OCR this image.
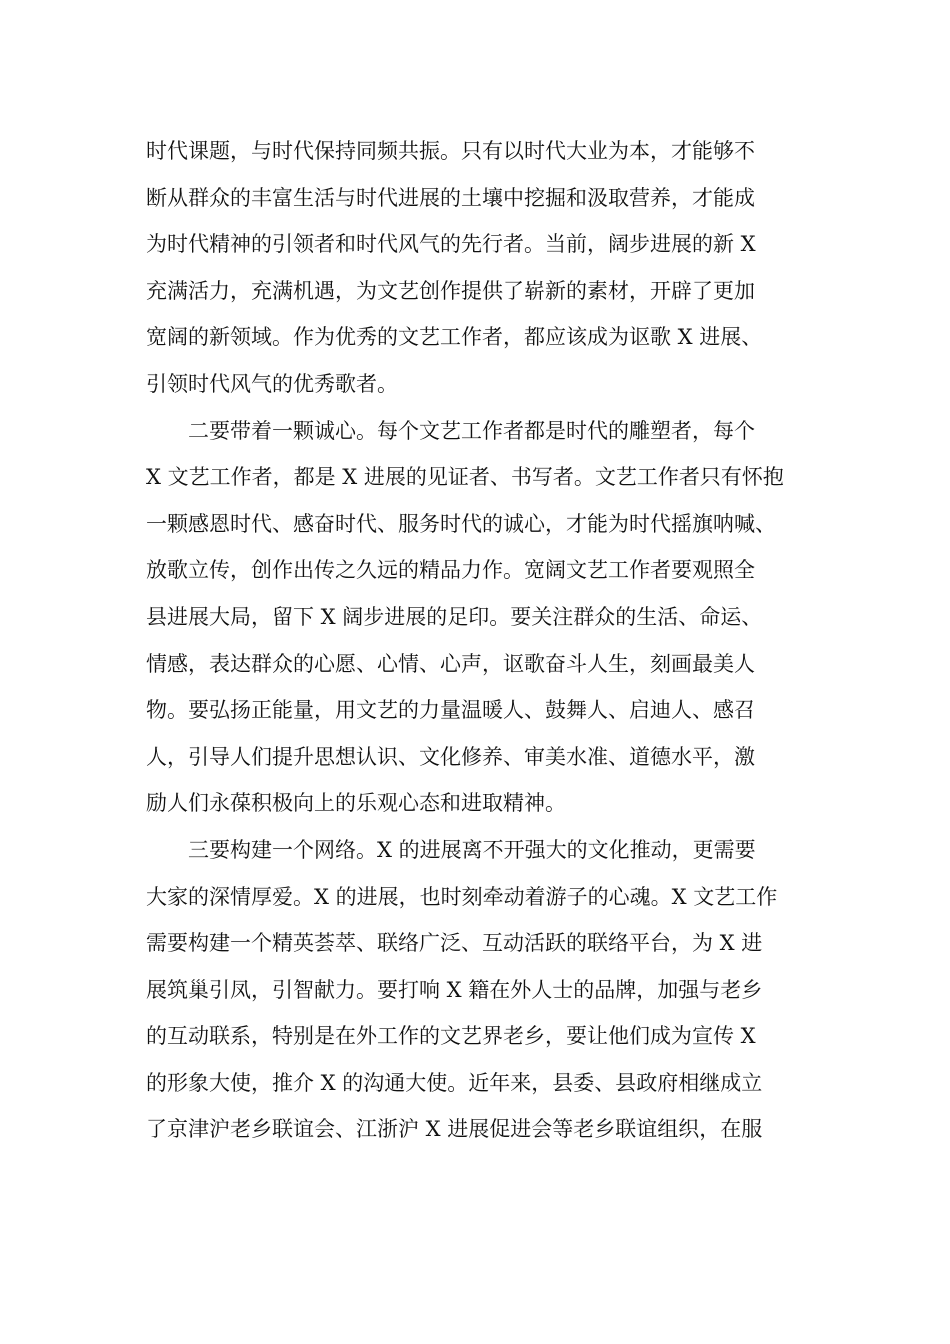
时代课题，与时代保持同频共振。只有以时代大业为本，才能够不
断从群众的丰富生活与时代进展的土壤中挖掘和汲取营养，才能成
为时代精神的引领者和时代风气的先行者。当前，阔步进展的新 X
充满活力，充满机遇，为文艺创作提供了崭新的素材，开辟了更加
宽阔的新领域。作为优秀的文艺工作者，都应该成为讴歌 X 进展、
引领时代风气的优秀歌者。
二要带着一颗诚心。每个文艺工作者都是时代的雕塑者，每个
X 文艺工作者，都是 X 进展的见证者、书写者。文艺工作者只有怀抱
一颗感恩时代、感奋时代、服务时代的诚心，才能为时代摇旗呐喊、
放歌立传，创作出传之久远的精品力作。宽阔文艺工作者要观照全
县进展大局，留下 X 阔步进展的足印。要关注群众的生活、命运、
情感，表达群众的心愿、心情、心声，讴歌奋斗人生，刻画最美人
物。要弘扬正能量，用文艺的力量温暖人、鼓舞人、启迪人、感召
人，引导人们提升思想认识、文化修养、审美水准、道德水平，激
励人们永葆积极向上的乐观心态和进取精神。
三要构建一个网络。X 的进展离不开强大的文化推动，更需要
大家的深情厚爱。X 的进展，也时刻牵动着游子的心魂。X 文艺工作
需要构建一个精英荟萃、联络广泛、互动活跃的联络平台，为 X 进
展筑巢引凤，引智献力。要打响 X 籍在外人士的品牌，加强与老乡
的互动联系，特别是在外工作的文艺界老乡，要让他们成为宣传 X
的形象大使，推介 X 的沟通大使。近年来，县委、县政府相继成立
了京津沪老乡联谊会、江浙沪 X 进展促进会等老乡联谊组织，在服
